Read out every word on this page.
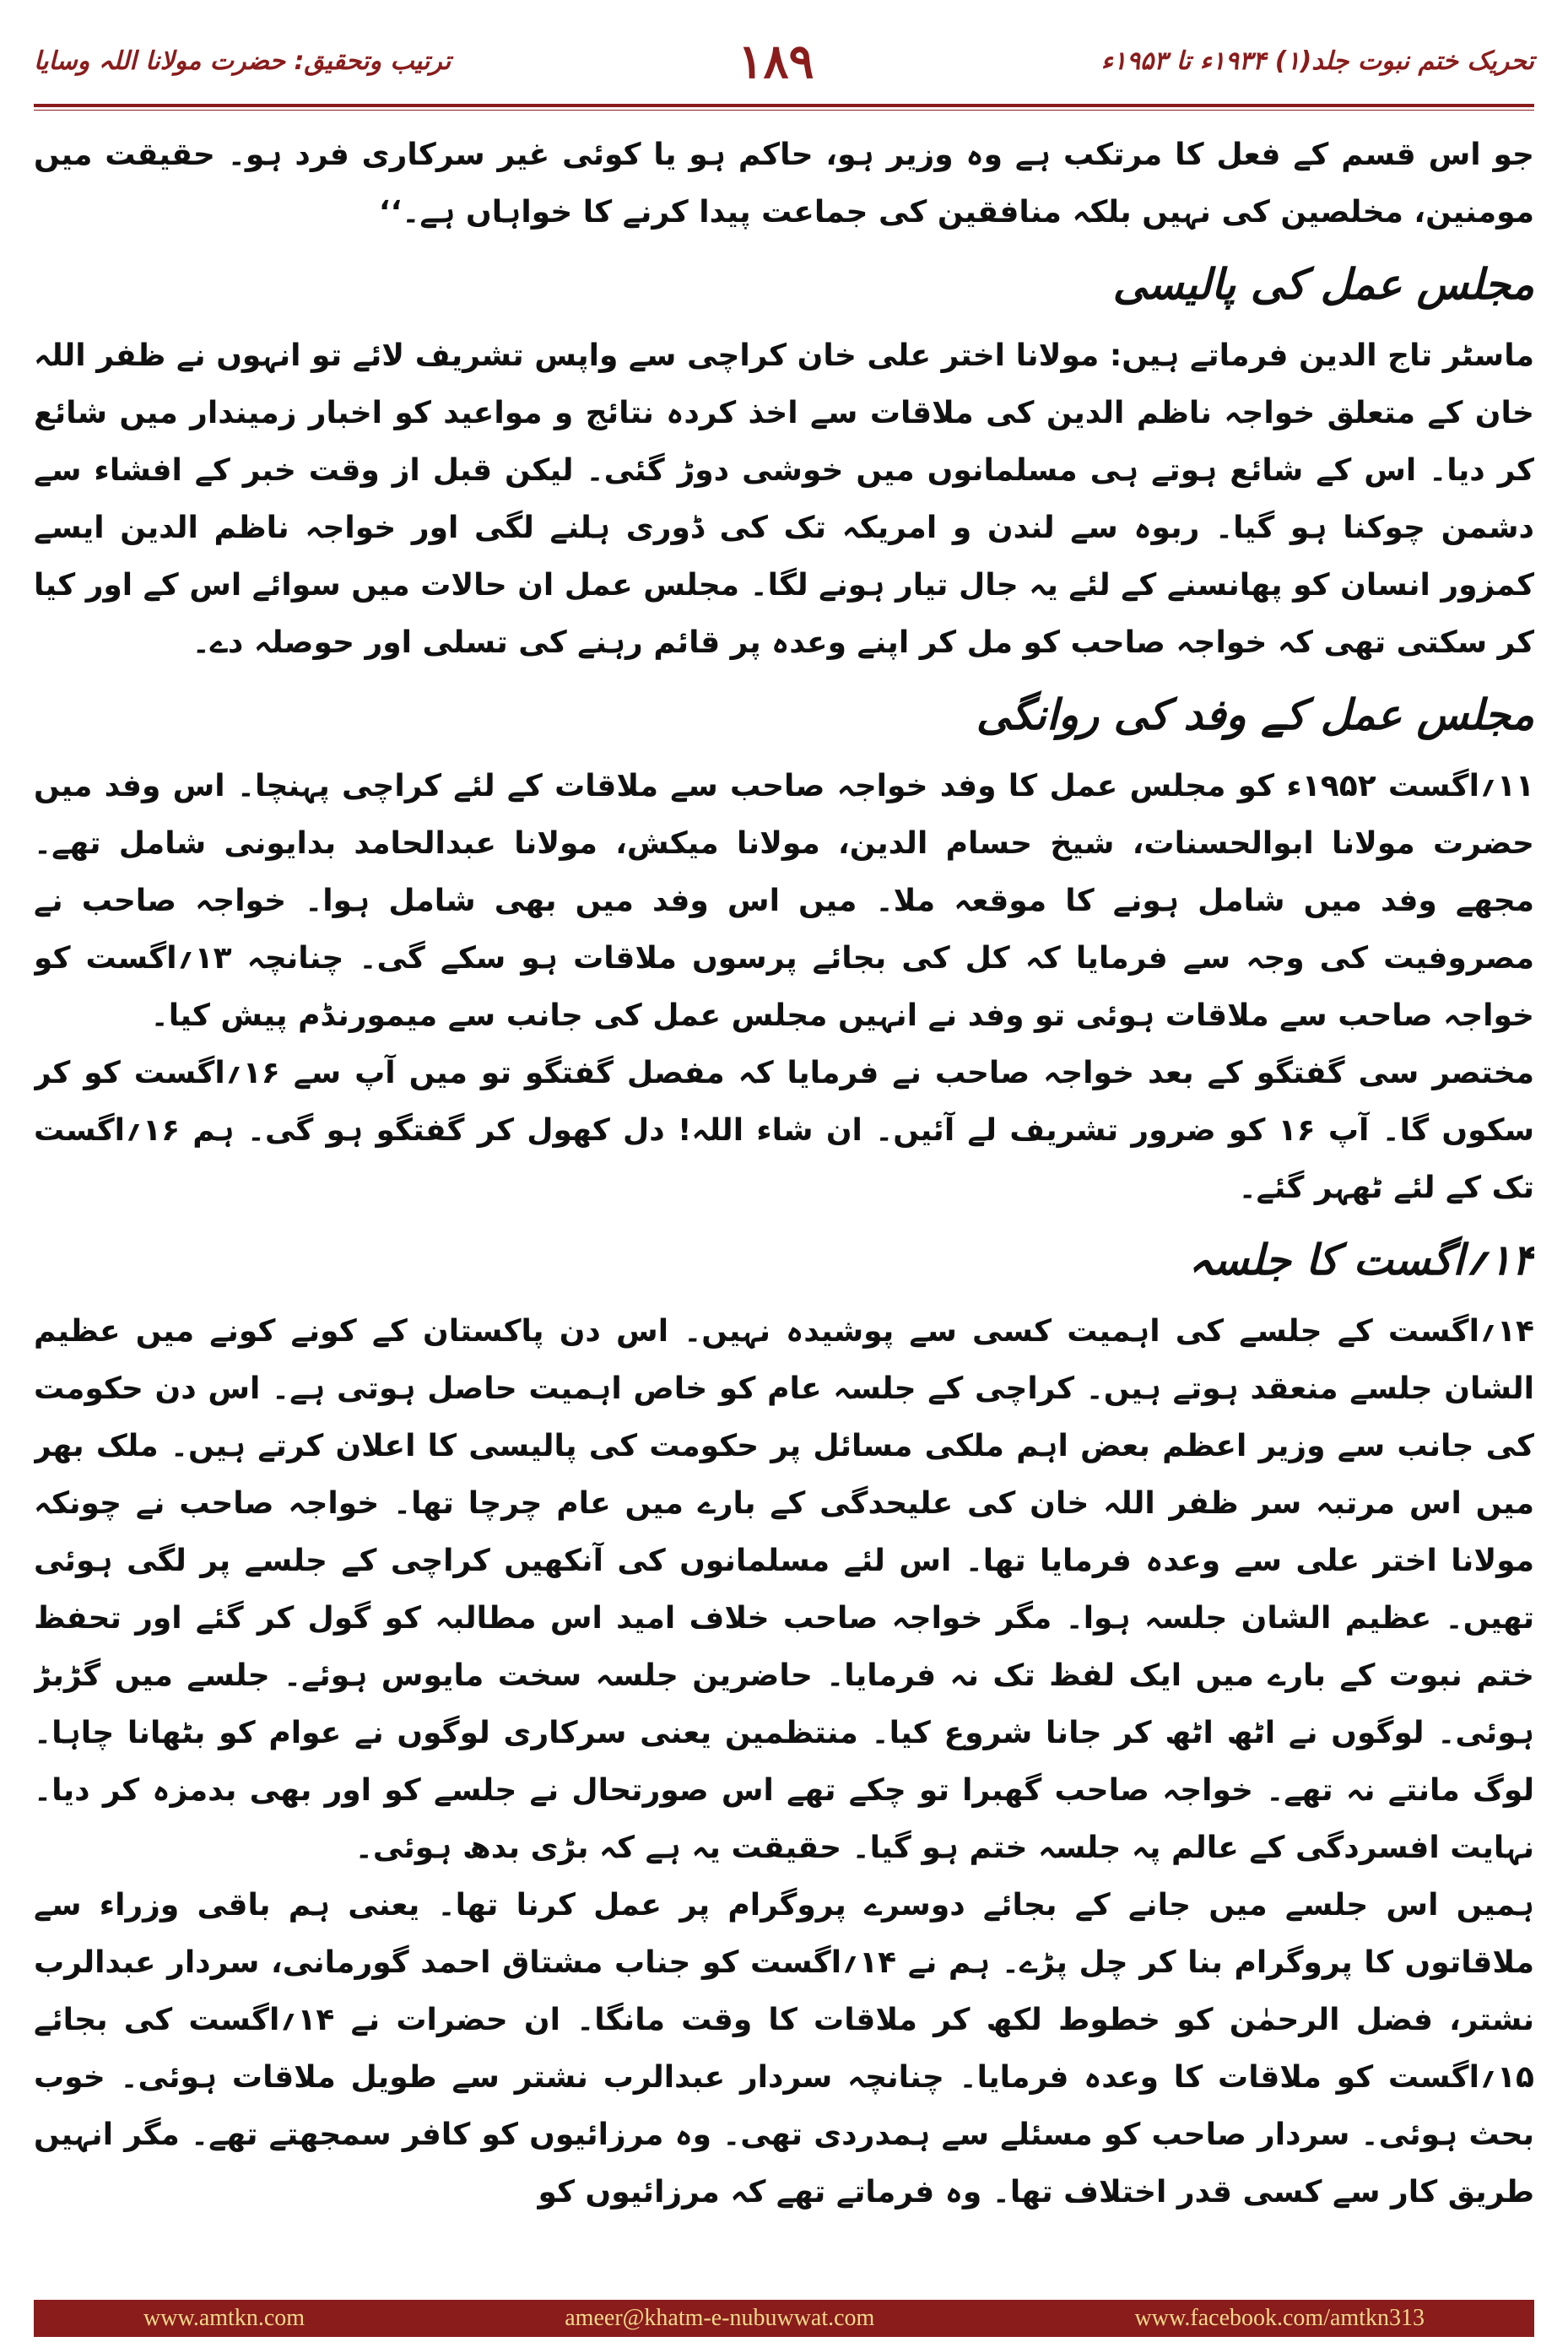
ترتیب وتحقیق: حضرت مولانا اللہ وسایا	۱۸۹	تحریک ختم نبوت جلد(۱) ۱۹۳۴ء تا ۱۹۵۳ء

جو اس قسم کے فعل کا مرتکب ہے وہ وزیر ہو، حاکم ہو یا کوئی غیر سرکاری فرد ہو۔ حقیقت میں مومنین، مخلصین کی نہیں بلکہ منافقین کی جماعت پیدا کرنے کا خواہاں ہے۔‘‘

مجلس عمل کی پالیسی

ماسٹر تاج الدین فرماتے ہیں: مولانا اختر علی خان کراچی سے واپس تشریف لائے تو انہوں نے ظفر اللہ خان کے متعلق خواجہ ناظم الدین کی ملاقات سے اخذ کردہ نتائج و مواعید کو اخبار زمیندار میں شائع کر دیا۔ اس کے شائع ہوتے ہی مسلمانوں میں خوشی دوڑ گئی۔ لیکن قبل از وقت خبر کے افشاء سے دشمن چوکنا ہو گیا۔ ربوہ سے لندن و امریکہ تک کی ڈوری ہلنے لگی اور خواجہ ناظم الدین ایسے کمزور انسان کو پھانسنے کے لئے یہ جال تیار ہونے لگا۔ مجلس عمل ان حالات میں سوائے اس کے اور کیا کر سکتی تھی کہ خواجہ صاحب کو مل کر اپنے وعدہ پر قائم رہنے کی تسلی اور حوصلہ دے۔

مجلس عمل کے وفد کی روانگی

۱۱؍اگست ۱۹۵۲ء کو مجلس عمل کا وفد خواجہ صاحب سے ملاقات کے لئے کراچی پہنچا۔ اس وفد میں حضرت مولانا ابوالحسنات، شیخ حسام الدین، مولانا میکش، مولانا عبدالحامد بدایونی شامل تھے۔ مجھے وفد میں شامل ہونے کا موقعہ ملا۔ میں اس وفد میں بھی شامل ہوا۔ خواجہ صاحب نے مصروفیت کی وجہ سے فرمایا کہ کل کی بجائے پرسوں ملاقات ہو سکے گی۔ چنانچہ ۱۳؍اگست کو خواجہ صاحب سے ملاقات ہوئی تو وفد نے انہیں مجلس عمل کی جانب سے میمورنڈم پیش کیا۔

مختصر سی گفتگو کے بعد خواجہ صاحب نے فرمایا کہ مفصل گفتگو تو میں آپ سے ۱۶؍اگست کو کر سکوں گا۔ آپ ۱۶ کو ضرور تشریف لے آئیں۔ ان شاء اللہ! دل کھول کر گفتگو ہو گی۔ ہم ۱۶؍اگست تک کے لئے ٹھہر گئے۔

۱۴؍اگست کا جلسہ

۱۴؍اگست کے جلسے کی اہمیت کسی سے پوشیدہ نہیں۔ اس دن پاکستان کے کونے کونے میں عظیم الشان جلسے منعقد ہوتے ہیں۔ کراچی کے جلسہ عام کو خاص اہمیت حاصل ہوتی ہے۔ اس دن حکومت کی جانب سے وزیر اعظم بعض اہم ملکی مسائل پر حکومت کی پالیسی کا اعلان کرتے ہیں۔ ملک بھر میں اس مرتبہ سر ظفر اللہ خان کی علیحدگی کے بارے میں عام چرچا تھا۔ خواجہ صاحب نے چونکہ مولانا اختر علی سے وعدہ فرمایا تھا۔ اس لئے مسلمانوں کی آنکھیں کراچی کے جلسے پر لگی ہوئی تھیں۔ عظیم الشان جلسہ ہوا۔ مگر خواجہ صاحب خلاف امید اس مطالبہ کو گول کر گئے اور تحفظ ختم نبوت کے بارے میں ایک لفظ تک نہ فرمایا۔ حاضرین جلسہ سخت مایوس ہوئے۔ جلسے میں گڑبڑ ہوئی۔ لوگوں نے اٹھ اٹھ کر جانا شروع کیا۔ منتظمین یعنی سرکاری لوگوں نے عوام کو بٹھانا چاہا۔ لوگ مانتے نہ تھے۔ خواجہ صاحب گھبرا تو چکے تھے اس صورتحال نے جلسے کو اور بھی بدمزہ کر دیا۔ نہایت افسردگی کے عالم پہ جلسہ ختم ہو گیا۔ حقیقت یہ ہے کہ بڑی بدھ ہوئی۔

ہمیں اس جلسے میں جانے کے بجائے دوسرے پروگرام پر عمل کرنا تھا۔ یعنی ہم باقی وزراء سے ملاقاتوں کا پروگرام بنا کر چل پڑے۔ ہم نے ۱۴؍اگست کو جناب مشتاق احمد گورمانی، سردار عبدالرب نشتر، فضل الرحمٰن کو خطوط لکھ کر ملاقات کا وقت مانگا۔ ان حضرات نے ۱۴؍اگست کی بجائے ۱۵؍اگست کو ملاقات کا وعدہ فرمایا۔ چنانچہ سردار عبدالرب نشتر سے طویل ملاقات ہوئی۔ خوب بحث ہوئی۔ سردار صاحب کو مسئلے سے ہمدردی تھی۔ وہ مرزائیوں کو کافر سمجھتے تھے۔ مگر انہیں طریق کار سے کسی قدر اختلاف تھا۔ وہ فرماتے تھے کہ مرزائیوں کو

www.amtkn.com	ameer@khatm-e-nubuwwat.com	www.facebook.com/amtkn313
